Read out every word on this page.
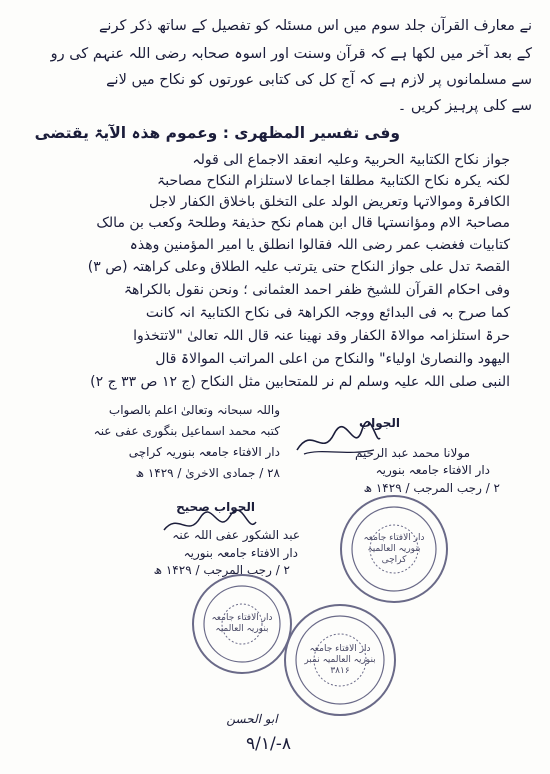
نے معارف القرآن جلد سوم میں اس مسئلہ کو تفصیل کے ساتھ ذکر کرنے
کے بعد آخر میں لکھا ہے کہ قرآن وسنت اور اسوہ صحابہ رضی اللہ عنہم کی رو
سے مسلمانوں پر لازم ہے کہ آج کل کی کتابی عورتوں کو نکاح میں لانے
سے کلی پرہیز کریں ۔
وفی تفسیر المظھری : وعموم ھذہ الآیۃ یقتضی
جواز نکاح الکتابیۃ الحربیۃ وعلیہ انعقد الاجماع الی قولہ
لکنہ یکرہ نکاح الکتابیۃ مطلقا اجماعا لاستلزام النکاح مصاحبۃ
الکافرۃ وموالاتہا وتعریض الولد علی التخلق باخلاق الکفار لاجل
مصاحبۃ الام ومؤانستہا قال ابن ھمام نکح حذیفۃ وطلحۃ وکعب بن مالک
کتابیات فغضب عمر رضی اللہ فقالوا انطلق یا امیر المؤمنین وھذہ
القصۃ تدل علی جواز النکاح حتی یترتب علیہ الطلاق وعلی کراھتہ (ص ۳)
وفی احکام القرآن للشیخ ظفر احمد العثمانی ؛ ونحن نقول بالکراھۃ
کما صرح بہ فی البدائع ووجہ الکراھۃ فی نکاح الکتابیۃ انہ کانت
حرۃ استلزامہ موالاۃ الکفار وقد نھینا عنہ قال اللہ تعالیٰ "لاتتخذوا
الیھود والنصاریٰ اولیاء" والنکاح من اعلی المراتب الموالاۃ قال
النبی صلی اللہ علیہ وسلم لم نر للمتحابین مثل النکاح (ج ۱۲ ص ۳۳ ج ۲)
واللہ سبحانہ وتعالیٰ اعلم بالصواب
کتبہ محمد اسماعیل بنگوری عفی عنہ
دار الافتاء جامعہ بنوریہ کراچی
۲۸ / جمادی الاخریٰ / ۱۴۲۹ ھ
الجواب
مولانا محمد عبد الرحیم
دار الافتاء جامعہ بنوریہ
۲ / رجب المرجب / ۱۴۲۹ ھ
الجواب صحیح
عبد الشکور عفی اللہ عنہ
دار الافتاء جامعہ بنوریہ
۲ / رجب المرجب / ۱۴۲۹ ھ
دار الافتاء جامعہ بنوریہ العالمیہ کراچی
دار الافتاء جامعہ بنوریہ العالمیہ
دار الافتاء جامعہ بنوریہ العالمیہ نمبر ۳۸۱۶
ابو الحسن
۹/۱/-۸
